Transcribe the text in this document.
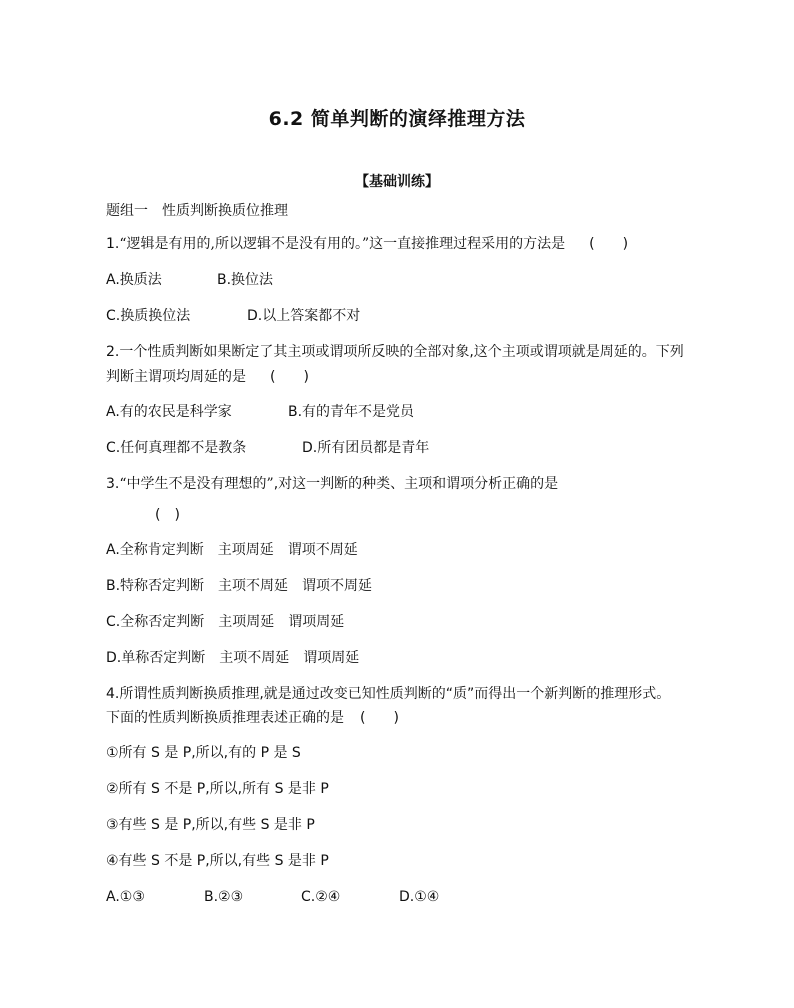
6.2 简单判断的演绎推理方法
【基础训练】
题组一　性质判断换质位推理
1.“逻辑是有用的,所以逻辑不是没有用的。”这一直接推理过程采用的方法是 (　　)
A.换质法	B.换位法
C.换质换位法	D.以上答案都不对
2.一个性质判断如果断定了其主项或谓项所反映的全部对象,这个主项或谓项就是周延的。下列
判断主谓项均周延的是 (　　)
A.有的农民是科学家	B.有的青年不是党员
C.任何真理都不是教条	D.所有团员都是青年
3.“中学生不是没有理想的”,对这一判断的种类、主项和谓项分析正确的是
(　)
A.全称肯定判断　主项周延　谓项不周延
B.特称否定判断　主项不周延　谓项不周延
C.全称否定判断　主项周延　谓项周延
D.单称否定判断　主项不周延　谓项周延
4.所谓性质判断换质推理,就是通过改变已知性质判断的“质”而得出一个新判断的推理形式。
下面的性质判断换质推理表述正确的是 (　　)
①所有 S 是 P,所以,有的 P 是 S
②所有 S 不是 P,所以,所有 S 是非 P
③有些 S 是 P,所以,有些 S 是非 P
④有些 S 不是 P,所以,有些 S 是非 P
A.①③	B.②③	C.②④	D.①④
